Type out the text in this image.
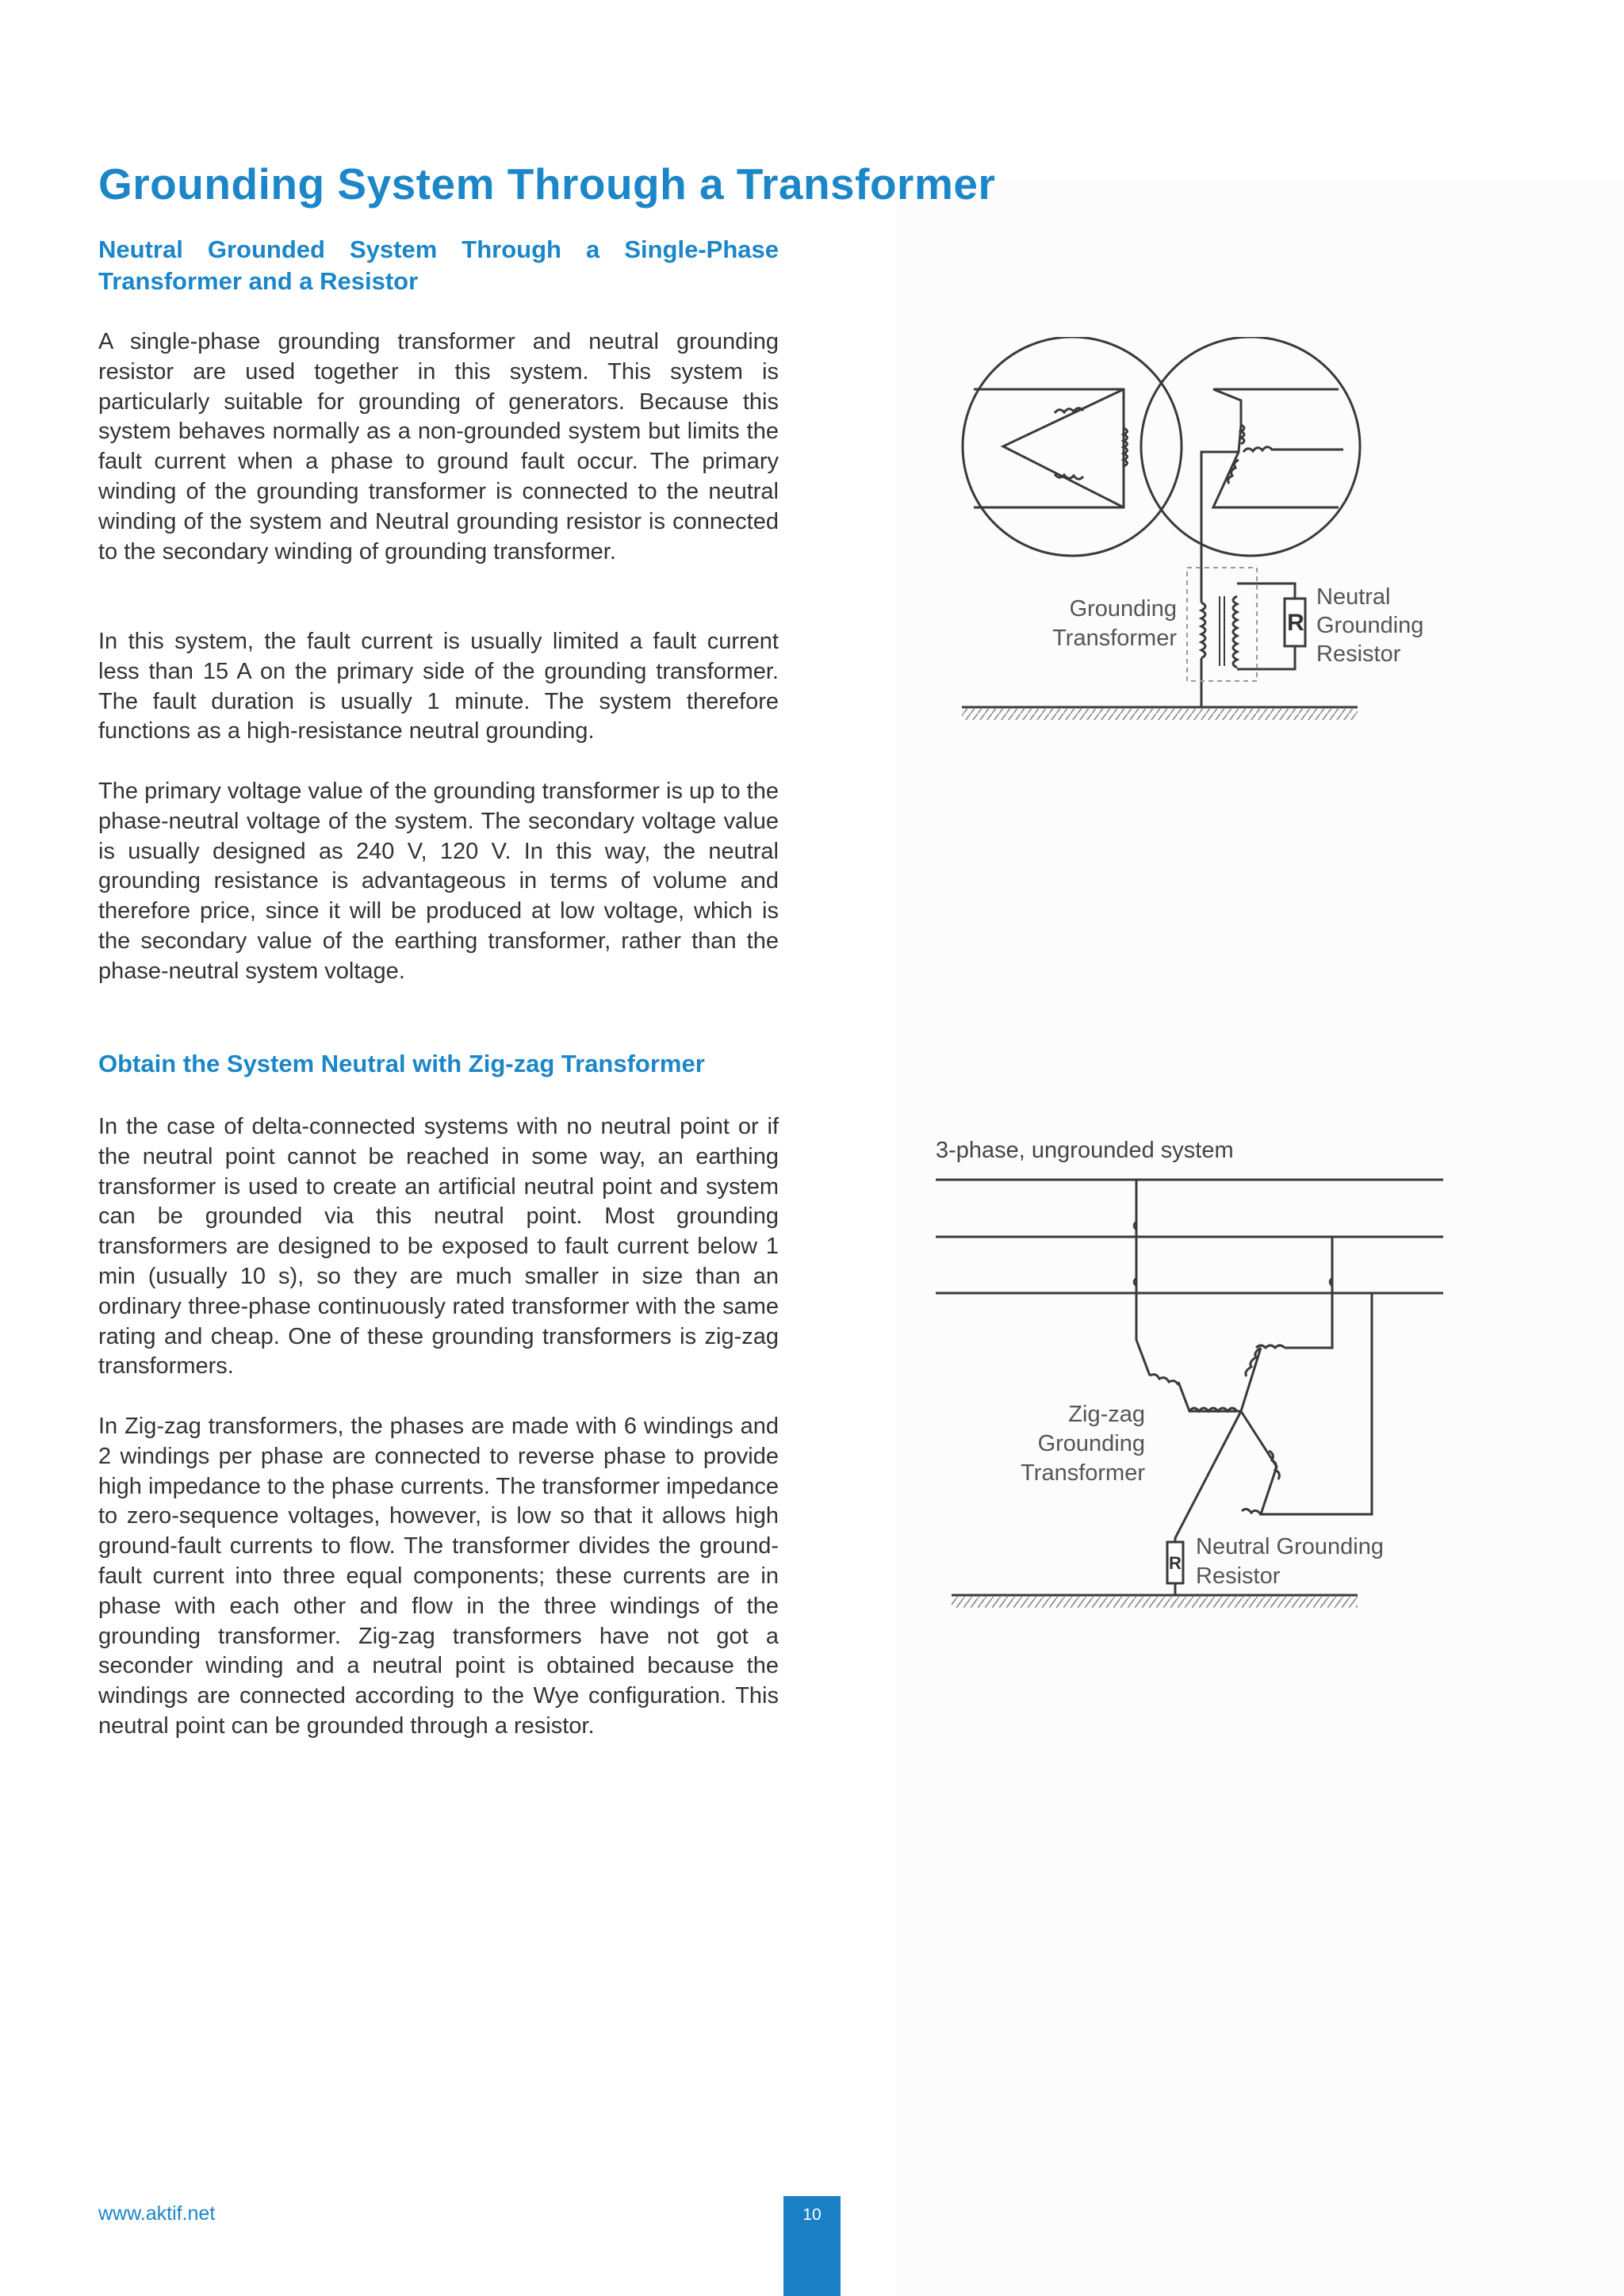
Grounding System Through a Transformer
Neutral Grounded System Through a Single-Phase Transformer and a Resistor

A single-phase grounding transformer and neutral grounding resistor are used together in this system. This system is particularly suitable for grounding of generators. Because this system behaves normally as a non-grounded system but limits the fault current when a phase to ground fault occur. The primary winding of the grounding transformer is connected to the neutral winding of the system and Neutral grounding resistor is connected to the secondary winding of grounding transformer.

In this system, the fault current is usually limited a fault current less than 15 A on the primary side of the grounding transformer. The fault duration is usually 1 minute. The system therefore functions as a high-resistance neutral grounding.

The primary voltage value of the grounding transformer is up to the phase-neutral voltage of the system. The secondary voltage value is usually designed as 240 V, 120 V. In this way, the neutral grounding resistance is advantageous in terms of volume and therefore price, since it will be produced at low voltage, which is the secondary value of the earthing transformer, rather than the phase-neutral system voltage.

Obtain the System Neutral with Zig-zag Transformer

In the case of delta-connected systems with no neutral point or if the neutral point cannot be reached in some way, an earthing transformer is used to create an artificial neutral point and system can be grounded via this neutral point. Most grounding transformers are designed to be exposed to fault current below 1 min (usually 10 s), so they are much smaller in size than an ordinary three-phase continuously rated transformer with the same rating and cheap. One of these grounding transformers is zig-zag transformers.

In Zig-zag transformers, the phases are made with 6 windings and 2 windings per phase are connected to reverse phase to provide high impedance to the phase currents. The transformer impedance to zero-sequence voltages, however, is low so that it allows high ground-fault currents to flow. The transformer divides the ground-fault current into three equal components; these currents are in phase with each other and flow in the three windings of the grounding transformer. Zig-zag transformers have not got a seconder winding and a neutral point is obtained because the windings are connected according to the Wye configuration. This neutral point can be grounded through a resistor.

R
Grounding
Transformer
Neutral
Grounding
Resistor
3-phase, ungrounded system
R
Zig-zag
Grounding
Transformer
Neutral Grounding
Resistor
www.aktif.net	10
